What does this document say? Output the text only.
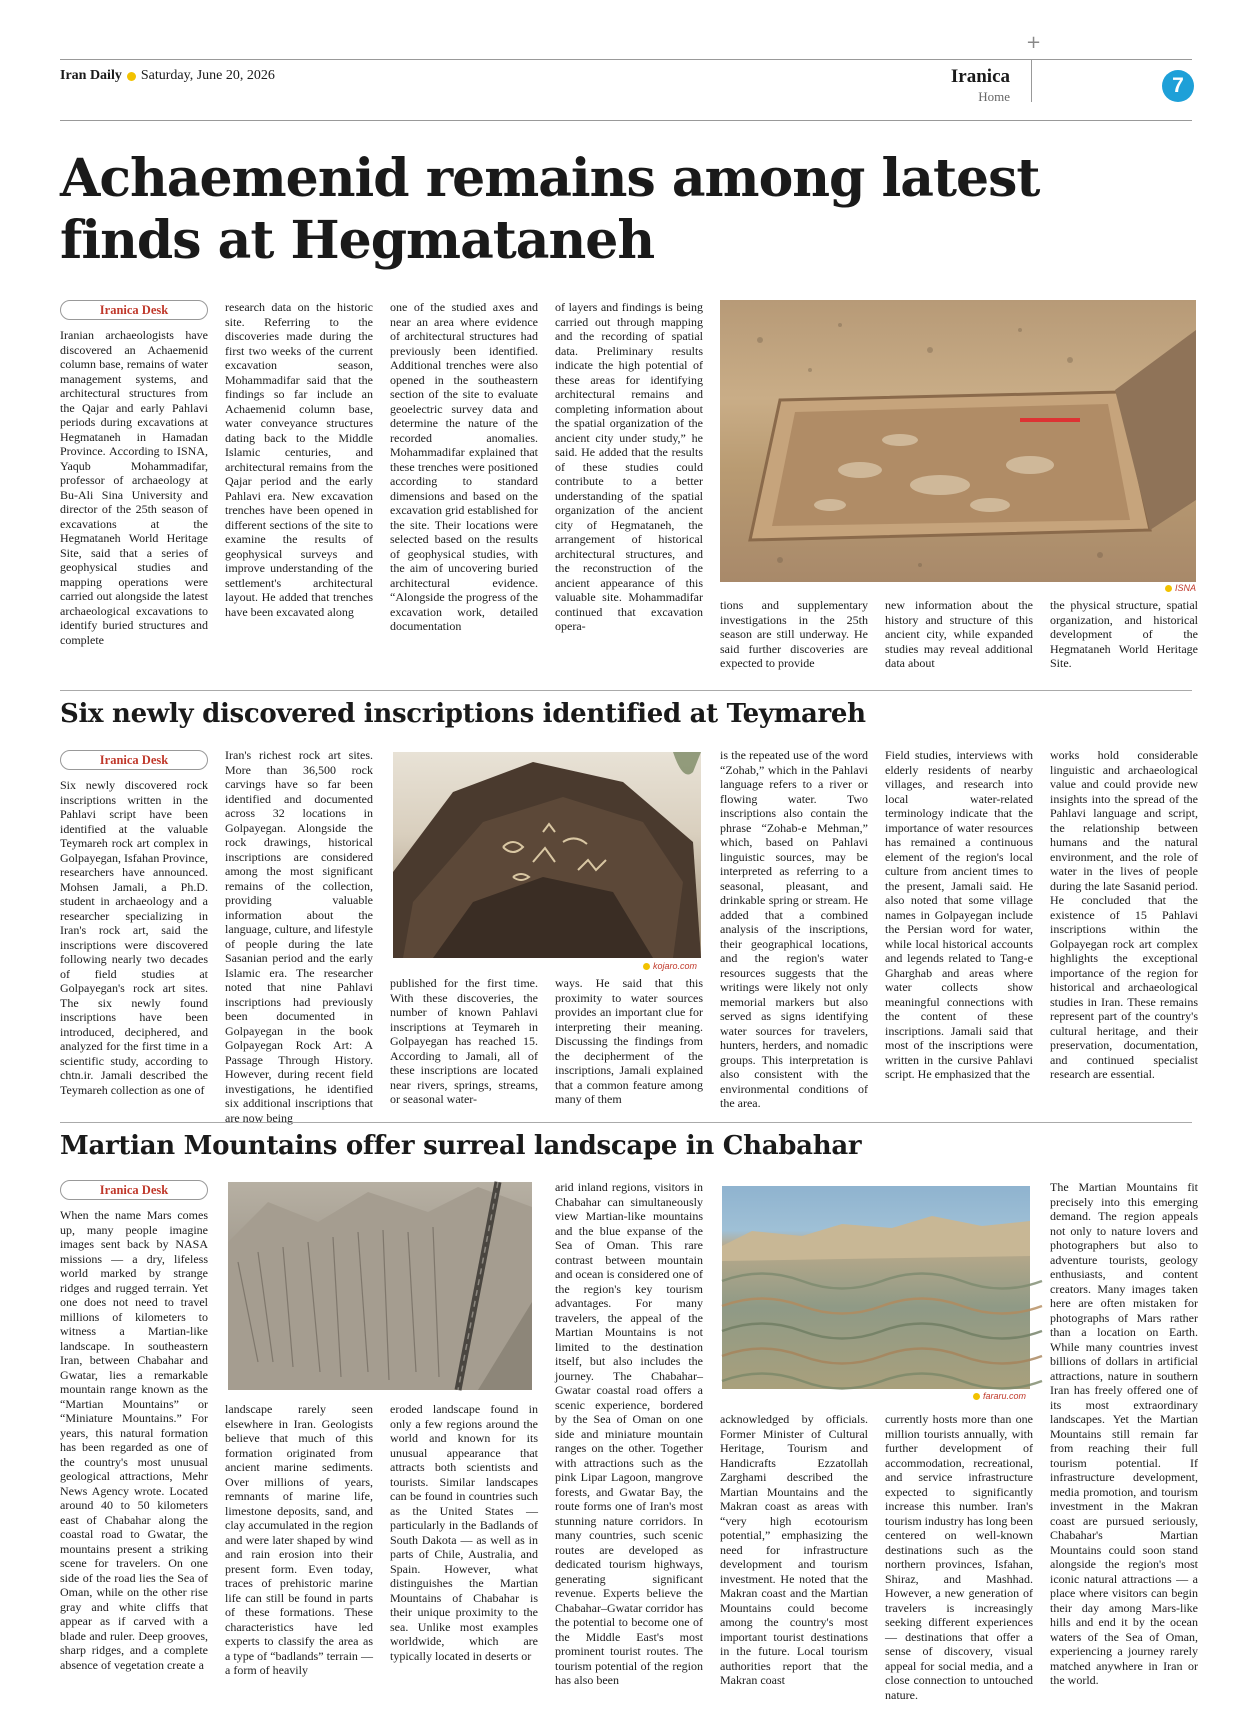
+
Iran Daily Saturday, June 20, 2026	Iranica
Home	7
Achaemenid remains among latest finds at Hegmataneh
Iranica Desk

Iranian archaeologists have discovered an Achaemenid column base, remains of water management systems, and architectural structures from the Qajar and early Pahlavi periods during excavations at Hegmataneh in Hamadan Province. According to ISNA, Yaqub Mohammadifar, professor of archaeology at Bu-Ali Sina University and director of the 25th season of excavations at the Hegmataneh World Heritage Site, said that a series of geophysical studies and mapping operations were carried out alongside the latest archaeological excavations to identify buried structures and complete

research data on the historic site. Referring to the discoveries made during the first two weeks of the current excavation season, Mohammadifar said that the findings so far include an Achaemenid column base, water conveyance structures dating back to the Middle Islamic centuries, and architectural remains from the Qajar period and the early Pahlavi era. New excavation trenches have been opened in different sections of the site to examine the results of geophysical surveys and improve understanding of the settlement's architectural layout. He added that trenches have been excavated along

one of the studied axes and near an area where evidence of architectural structures had previously been identified. Additional trenches were also opened in the southeastern section of the site to evaluate geoelectric survey data and determine the nature of the recorded anomalies. Mohammadifar explained that these trenches were positioned according to standard dimensions and based on the excavation grid established for the site. Their locations were selected based on the results of geophysical studies, with the aim of uncovering buried architectural evidence. “Alongside the progress of the excavation work, detailed documentation

of layers and findings is being carried out through mapping and the recording of spatial data. Preliminary results indicate the high potential of these areas for identifying architectural remains and completing information about the spatial organization of the ancient city under study,” he said. He added that the results of these studies could contribute to a better understanding of the spatial organization of the ancient city of Hegmataneh, the arrangement of historical architectural structures, and the reconstruction of the ancient appearance of this valuable site. Mohammadifar continued that excavation opera-

ISNA

tions and supplementary investigations in the 25th season are still underway. He said further discoveries are expected to provide

new information about the history and structure of this ancient city, while expanded studies may reveal additional data about

the physical structure, spatial organization, and historical development of the Hegmataneh World Heritage Site.

Six newly discovered inscriptions identified at Teymareh
Iranica Desk

Six newly discovered rock inscriptions written in the Pahlavi script have been identified at the valuable Teymareh rock art complex in Golpayegan, Isfahan Province, researchers have announced. Mohsen Jamali, a Ph.D. student in archaeology and a researcher specializing in Iran's rock art, said the inscriptions were discovered following nearly two decades of field studies at Golpayegan's rock art sites. The six newly found inscriptions have been introduced, deciphered, and analyzed for the first time in a scientific study, according to chtn.ir. Jamali described the Teymareh collection as one of

Iran's richest rock art sites. More than 36,500 rock carvings have so far been identified and documented across 32 locations in Golpayegan. Alongside the rock drawings, historical inscriptions are considered among the most significant remains of the collection, providing valuable information about the language, culture, and lifestyle of people during the late Sasanian period and the early Islamic era. The researcher noted that nine Pahlavi inscriptions had previously been documented in Golpayegan in the book Golpayegan Rock Art: A Passage Through History. However, during recent field investigations, he identified six additional inscriptions that are now being

kojaro.com

published for the first time. With these discoveries, the number of known Pahlavi inscriptions at Teymareh in Golpayegan has reached 15. According to Jamali, all of these inscriptions are located near rivers, springs, streams, or seasonal water-

ways. He said that this proximity to water sources provides an important clue for interpreting their meaning. Discussing the findings from the decipherment of the inscriptions, Jamali explained that a common feature among many of them

is the repeated use of the word “Zohab,” which in the Pahlavi language refers to a river or flowing water. Two inscriptions also contain the phrase “Zohab-e Mehman,” which, based on Pahlavi linguistic sources, may be interpreted as referring to a seasonal, pleasant, and drinkable spring or stream. He added that a combined analysis of the inscriptions, their geographical locations, and the region's water resources suggests that the writings were likely not only memorial markers but also served as signs identifying water sources for travelers, hunters, herders, and nomadic groups. This interpretation is also consistent with the environmental conditions of the area.

Field studies, interviews with elderly residents of nearby villages, and research into local water-related terminology indicate that the importance of water resources has remained a continuous element of the region's local culture from ancient times to the present, Jamali said. He also noted that some village names in Golpayegan include the Persian word for water, while local historical accounts and legends related to Tang-e Gharghab and areas where water collects show meaningful connections with the content of these inscriptions. Jamali said that most of the inscriptions were written in the cursive Pahlavi script. He emphasized that the

works hold considerable linguistic and archaeological value and could provide new insights into the spread of the Pahlavi language and script, the relationship between humans and the natural environment, and the role of water in the lives of people during the late Sasanid period. He concluded that the existence of 15 Pahlavi inscriptions within the Golpayegan rock art complex highlights the exceptional importance of the region for historical and archaeological studies in Iran. These remains represent part of the country's cultural heritage, and their preservation, documentation, and continued specialist research are essential.

Martian Mountains offer surreal landscape in Chabahar
Iranica Desk

When the name Mars comes up, many people imagine images sent back by NASA missions — a dry, lifeless world marked by strange ridges and rugged terrain. Yet one does not need to travel millions of kilometers to witness a Martian-like landscape. In southeastern Iran, between Chabahar and Gwatar, lies a remarkable mountain range known as the “Martian Mountains” or “Miniature Mountains.” For years, this natural formation has been regarded as one of the country's most unusual geological attractions, Mehr News Agency wrote. Located around 40 to 50 kilometers east of Chabahar along the coastal road to Gwatar, the mountains present a striking scene for travelers. On one side of the road lies the Sea of Oman, while on the other rise gray and white cliffs that appear as if carved with a blade and ruler. Deep grooves, sharp ridges, and a complete absence of vegetation create a

landscape rarely seen elsewhere in Iran. Geologists believe that much of this formation originated from ancient marine sediments. Over millions of years, remnants of marine life, limestone deposits, sand, and clay accumulated in the region and were later shaped by wind and rain erosion into their present form. Even today, traces of prehistoric marine life can still be found in parts of these formations. These characteristics have led experts to classify the area as a type of “badlands” terrain — a form of heavily

eroded landscape found in only a few regions around the world and known for its unusual appearance that attracts both scientists and tourists. Similar landscapes can be found in countries such as the United States — particularly in the Badlands of South Dakota — as well as in parts of Chile, Australia, and Spain. However, what distinguishes the Martian Mountains of Chabahar is their unique proximity to the sea. Unlike most examples worldwide, which are typically located in deserts or

arid inland regions, visitors in Chabahar can simultaneously view Martian-like mountains and the blue expanse of the Sea of Oman. This rare contrast between mountain and ocean is considered one of the region's key tourism advantages. For many travelers, the appeal of the Martian Mountains is not limited to the destination itself, but also includes the journey. The Chabahar–Gwatar coastal road offers a scenic experience, bordered by the Sea of Oman on one side and miniature mountain ranges on the other. Together with attractions such as the pink Lipar Lagoon, mangrove forests, and Gwatar Bay, the route forms one of Iran's most stunning nature corridors. In many countries, such scenic routes are developed as dedicated tourism highways, generating significant revenue. Experts believe the Chabahar–Gwatar corridor has the potential to become one of the Middle East's most prominent tourist routes. The tourism potential of the region has also been

fararu.com

acknowledged by officials. Former Minister of Cultural Heritage, Tourism and Handicrafts Ezzatollah Zarghami described the Martian Mountains and the Makran coast as areas with “very high ecotourism potential,” emphasizing the need for infrastructure development and tourism investment. He noted that the Makran coast and the Martian Mountains could become among the country's most important tourist destinations in the future. Local tourism authorities report that the Makran coast

currently hosts more than one million tourists annually, with further development of accommodation, recreational, and service infrastructure expected to significantly increase this number. Iran's tourism industry has long been centered on well-known destinations such as the northern provinces, Isfahan, Shiraz, and Mashhad. However, a new generation of travelers is increasingly seeking different experiences — destinations that offer a sense of discovery, visual appeal for social media, and a close connection to untouched nature.

The Martian Mountains fit precisely into this emerging demand. The region appeals not only to nature lovers and photographers but also to adventure tourists, geology enthusiasts, and content creators. Many images taken here are often mistaken for photographs of Mars rather than a location on Earth. While many countries invest billions of dollars in artificial attractions, nature in southern Iran has freely offered one of its most extraordinary landscapes. Yet the Martian Mountains still remain far from reaching their full tourism potential. If infrastructure development, media promotion, and tourism investment in the Makran coast are pursued seriously, Chabahar's Martian Mountains could soon stand alongside the region's most iconic natural attractions — a place where visitors can begin their day among Mars-like hills and end it by the ocean waters of the Sea of Oman, experiencing a journey rarely matched anywhere in Iran or the world.
